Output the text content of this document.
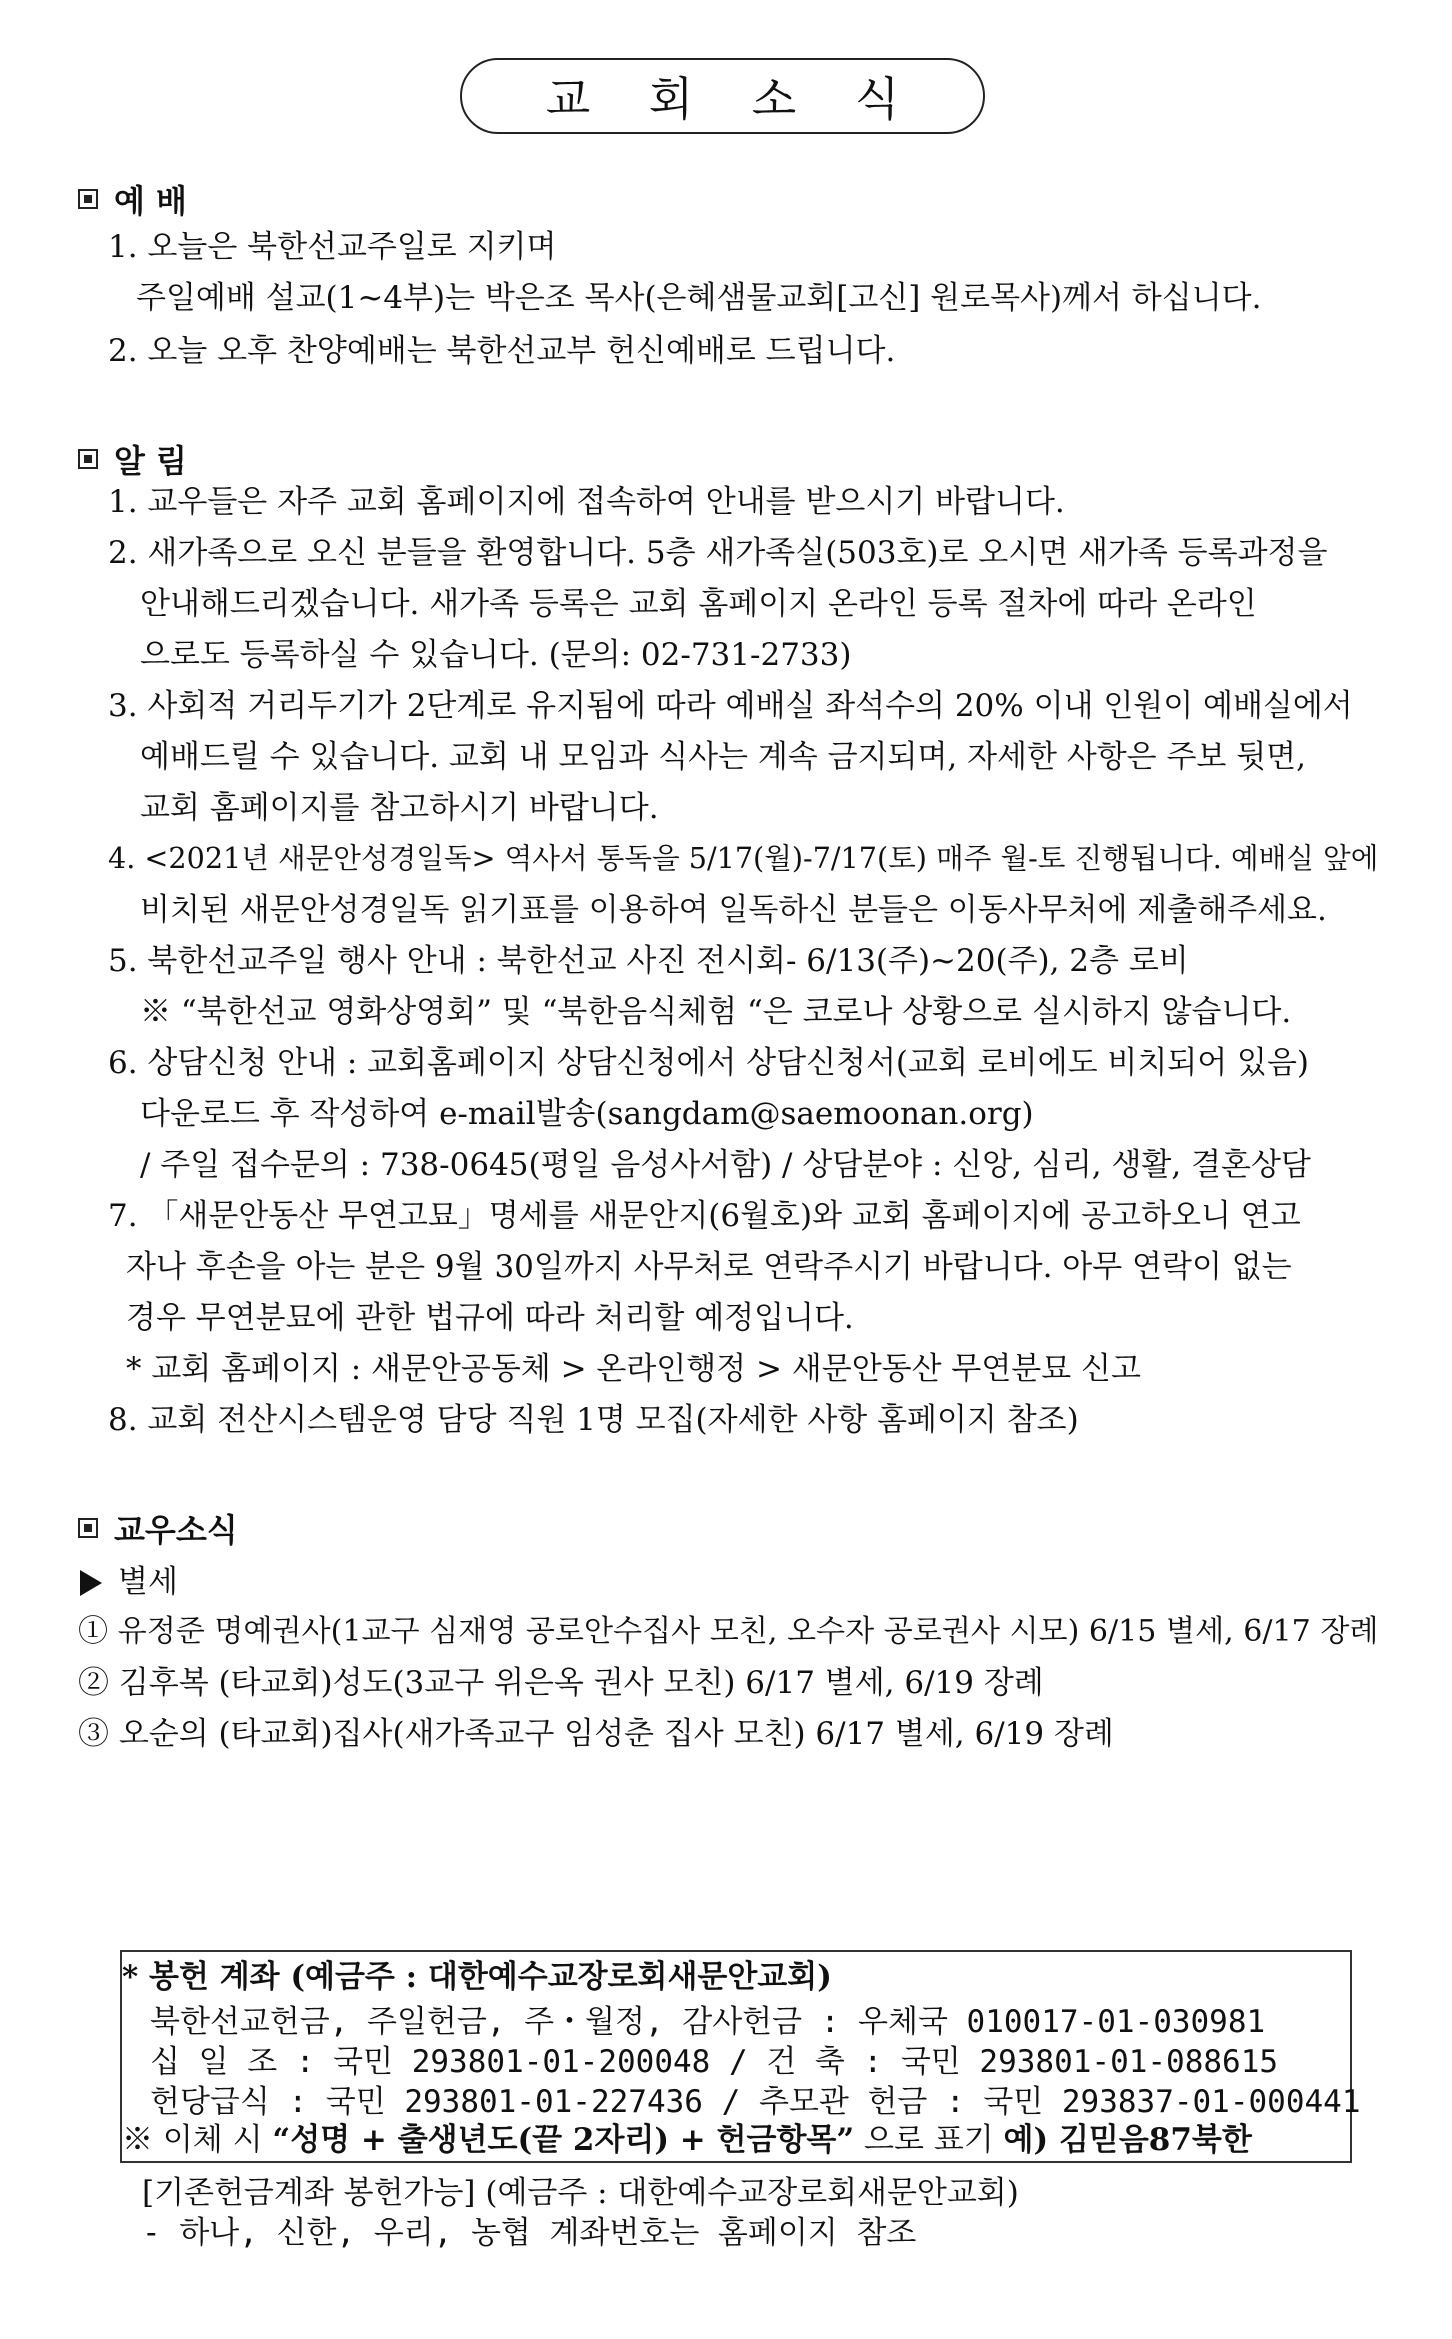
교 회 소 식
예 배
1. 오늘은 북한선교주일로 지키며
주일예배 설교(1~4부)는 박은조 목사(은혜샘물교회[고신] 원로목사)께서 하십니다.
2. 오늘 오후 찬양예배는 북한선교부 헌신예배로 드립니다.
알 림
1. 교우들은 자주 교회 홈페이지에 접속하여 안내를 받으시기 바랍니다.
2. 새가족으로 오신 분들을 환영합니다. 5층 새가족실(503호)로 오시면 새가족 등록과정을
안내해드리겠습니다. 새가족 등록은 교회 홈페이지 온라인 등록 절차에 따라 온라인
으로도 등록하실 수 있습니다. (문의: 02-731-2733)
3. 사회적 거리두기가 2단계로 유지됨에 따라 예배실 좌석수의 20% 이내 인원이 예배실에서
예배드릴 수 있습니다. 교회 내 모임과 식사는 계속 금지되며, 자세한 사항은 주보 뒷면,
교회 홈페이지를 참고하시기 바랍니다.
4. <2021년 새문안성경일독> 역사서 통독을 5/17(월)-7/17(토) 매주 월-토 진행됩니다. 예배실 앞에
비치된 새문안성경일독 읽기표를 이용하여 일독하신 분들은 이동사무처에 제출해주세요.
5. 북한선교주일 행사 안내 : 북한선교 사진 전시회- 6/13(주)~20(주), 2층 로비
※ “북한선교 영화상영회” 및 “북한음식체험 “은 코로나 상황으로 실시하지 않습니다.
6. 상담신청 안내 : 교회홈페이지 상담신청에서 상담신청서(교회 로비에도 비치되어 있음)
다운로드 후 작성하여 e-mail발송(sangdam@saemoonan.org)
/ 주일 접수문의 : 738-0645(평일 음성사서함) / 상담분야 : 신앙, 심리, 생활, 결혼상담
7. 「새문안동산 무연고묘」명세를 새문안지(6월호)와 교회 홈페이지에 공고하오니 연고
자나 후손을 아는 분은 9월 30일까지 사무처로 연락주시기 바랍니다. 아무 연락이 없는
경우 무연분묘에 관한 법규에 따라 처리할 예정입니다.
* 교회 홈페이지 : 새문안공동체 > 온라인행정 > 새문안동산 무연분묘 신고
8. 교회 전산시스템운영 담당 직원 1명 모집(자세한 사항 홈페이지 참조)
교우소식
별세
① 유정준 명예권사(1교구 심재영 공로안수집사 모친, 오수자 공로권사 시모) 6/15 별세, 6/17 장례
② 김후복 (타교회)성도(3교구 위은옥 권사 모친) 6/17 별세, 6/19 장례
③ 오순의 (타교회)집사(새가족교구 임성춘 집사 모친) 6/17 별세, 6/19 장례
* 봉헌 계좌 (예금주 : 대한예수교장로회새문안교회)
북한선교헌금, 주일헌금, 주・월정, 감사헌금 : 우체국 010017-01-030981
십 일 조 : 국민 293801-01-200048 / 건 축 : 국민 293801-01-088615
헌당급식 : 국민 293801-01-227436 / 추모관 헌금 : 국민 293837-01-000441
※ 이체 시 “성명 + 출생년도(끝 2자리) + 헌금항목” 으로 표기 예) 김믿음87북한
[기존헌금계좌 봉헌가능] (예금주 : 대한예수교장로회새문안교회)
- 하나, 신한, 우리, 농협 계좌번호는 홈페이지 참조
